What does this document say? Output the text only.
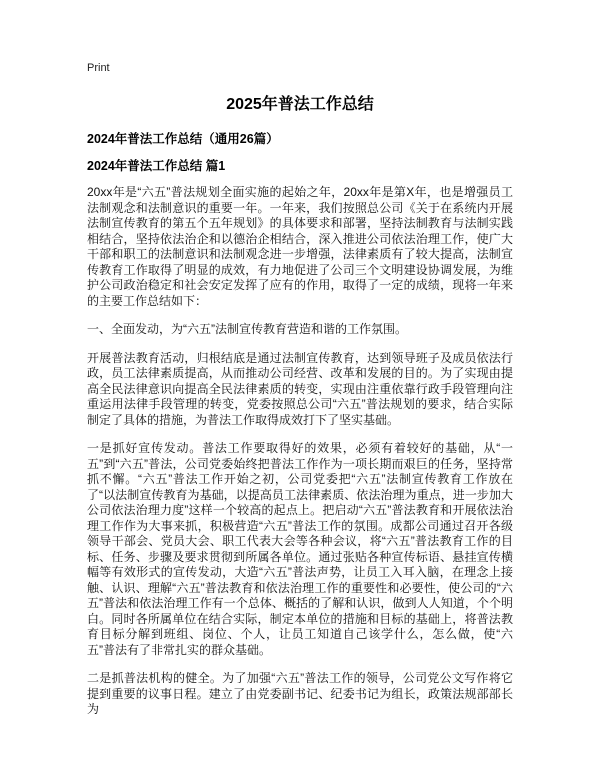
Print
2025年普法工作总结
2024年普法工作总结（通用26篇）
2024年普法工作总结 篇1

20xx年是“六五”普法规划全面实施的起始之年，20xx年是第X年，也是增强员工法制观念和法制意识的重要一年。一年来，我们按照总公司《关于在系统内开展法制宣传教育的第五个五年规划》的具体要求和部署，坚持法制教育与法制实践相结合，坚持依法治企和以德治企相结合，深入推进公司依法治理工作，使广大干部和职工的法制意识和法制观念进一步增强，法律素质有了较大提高，法制宣传教育工作取得了明显的成效，有力地促进了公司三个文明建设协调发展，为维护公司政治稳定和社会安定发挥了应有的作用，取得了一定的成绩，现将一年来的主要工作总结如下：

一、全面发动，为“六五”法制宣传教育营造和谐的工作氛围。

开展普法教育活动，归根结底是通过法制宣传教育，达到领导班子及成员依法行政，员工法律素质提高，从而推动公司经营、改革和发展的目的。为了实现由提高全民法律意识向提高全民法律素质的转变，实现由注重依靠行政手段管理向注重运用法律手段管理的转变，党委按照总公司“六五”普法规划的要求，结合实际制定了具体的措施，为普法工作取得成效打下了坚实基础。

一是抓好宣传发动。普法工作要取得好的效果，必须有着较好的基础，从“一五”到“六五”普法，公司党委始终把普法工作作为一项长期而艰巨的任务，坚持常抓不懈。“六五”普法工作开始之初，公司党委把“六五”法制宣传教育工作放在了“以法制宣传教育为基础，以提高员工法律素质、依法治理为重点，进一步加大公司依法治理力度”这样一个较高的起点上。把启动“六五”普法教育和开展依法治理工作作为大事来抓，积极营造“六五”普法工作的氛围。成都公司通过召开各级领导干部会、党员大会、职工代表大会等各种会议，将“六五”普法教育工作的目标、任务、步骤及要求贯彻到所属各单位。通过张贴各种宣传标语、悬挂宣传横幅等有效形式的宣传发动，大造“六五”普法声势，让员工入耳入脑，在理念上接触、认识、理解“六五”普法教育和依法治理工作的重要性和必要性，使公司的“六五”普法和依法治理工作有一个总体、概括的了解和认识，做到人人知道，个个明白。同时各所属单位在结合实际，制定本单位的措施和目标的基础上，将普法教育目标分解到班组、岗位、个人，让员工知道自己该学什么，怎么做，使“六五”普法有了非常扎实的群众基础。

二是抓普法机构的健全。为了加强“六五”普法工作的领导，公司党公文写作将它提到重要的议事日程。建立了由党委副书记、纪委书记为组长，政策法规部部长为
